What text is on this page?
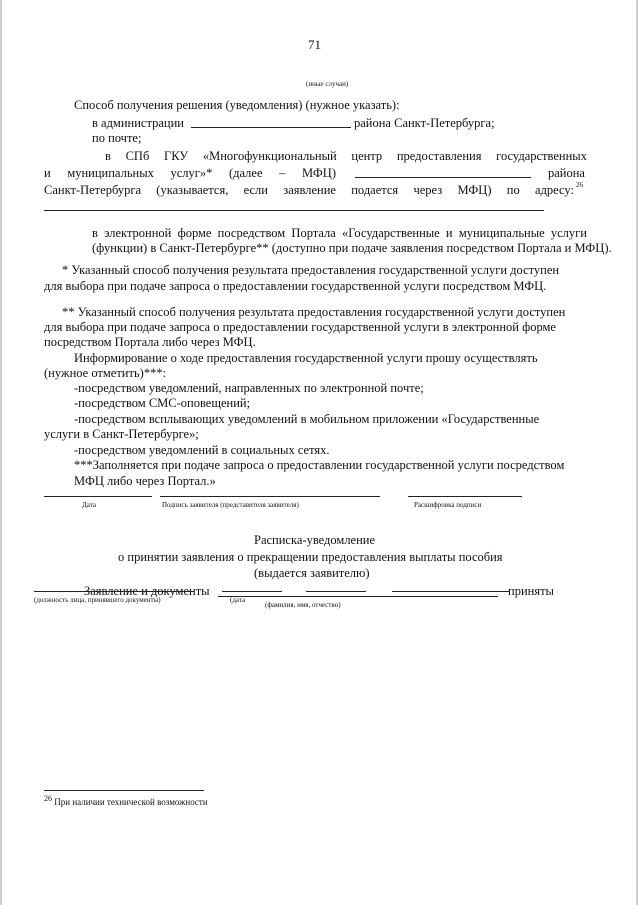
71
(иные случаи)
Способ получения решения (уведомления) (нужное указать):
в администрации	района Санкт-Петербурга;
по почте;
в СПб ГКУ «Многофункциональный центр предоставления государственных
и муниципальных услуг»* (далее – МФЦ)	района
Санкт-Петербурга (указывается, если заявление подается через МФЦ) по адресу: 26
в электронной форме посредством Портала «Государственные и муниципальные услуги
(функции) в Санкт-Петербурге** (доступно при подаче заявления посредством Портала и МФЦ).
* Указанный способ получения результата предоставления государственной услуги доступен
для выбора при подаче запроса о предоставлении государственной услуги посредством МФЦ.
** Указанный способ получения результата предоставления государственной услуги доступен
для выбора при подаче запроса о предоставлении государственной услуги в электронной форме
посредством Портала либо через МФЦ.
Информирование о ходе предоставления государственной услуги прошу осуществлять
(нужное отметить)***:
-посредством уведомлений, направленных по электронной почте;
-посредством СМС-оповещений;
-посредством всплывающих уведомлений в мобильном приложении «Государственные
услуги в Санкт-Петербурге»;
-посредством уведомлений в социальных сетях.
***Заполняется при подаче запроса о предоставлении государственной услуги посредством
МФЦ либо через Портал.»
Дата	Подпись заявителя (представителя заявителя)	Расшифровка подписи
Расписка-уведомление
о принятии заявления о прекращении предоставления выплаты пособия
(выдается заявителю)
Заявление и документы	приняты
(фамилия, имя, отчество)
(должность лица, принявшего документы)	(дата
$^{26}$ При наличии технической возможности
